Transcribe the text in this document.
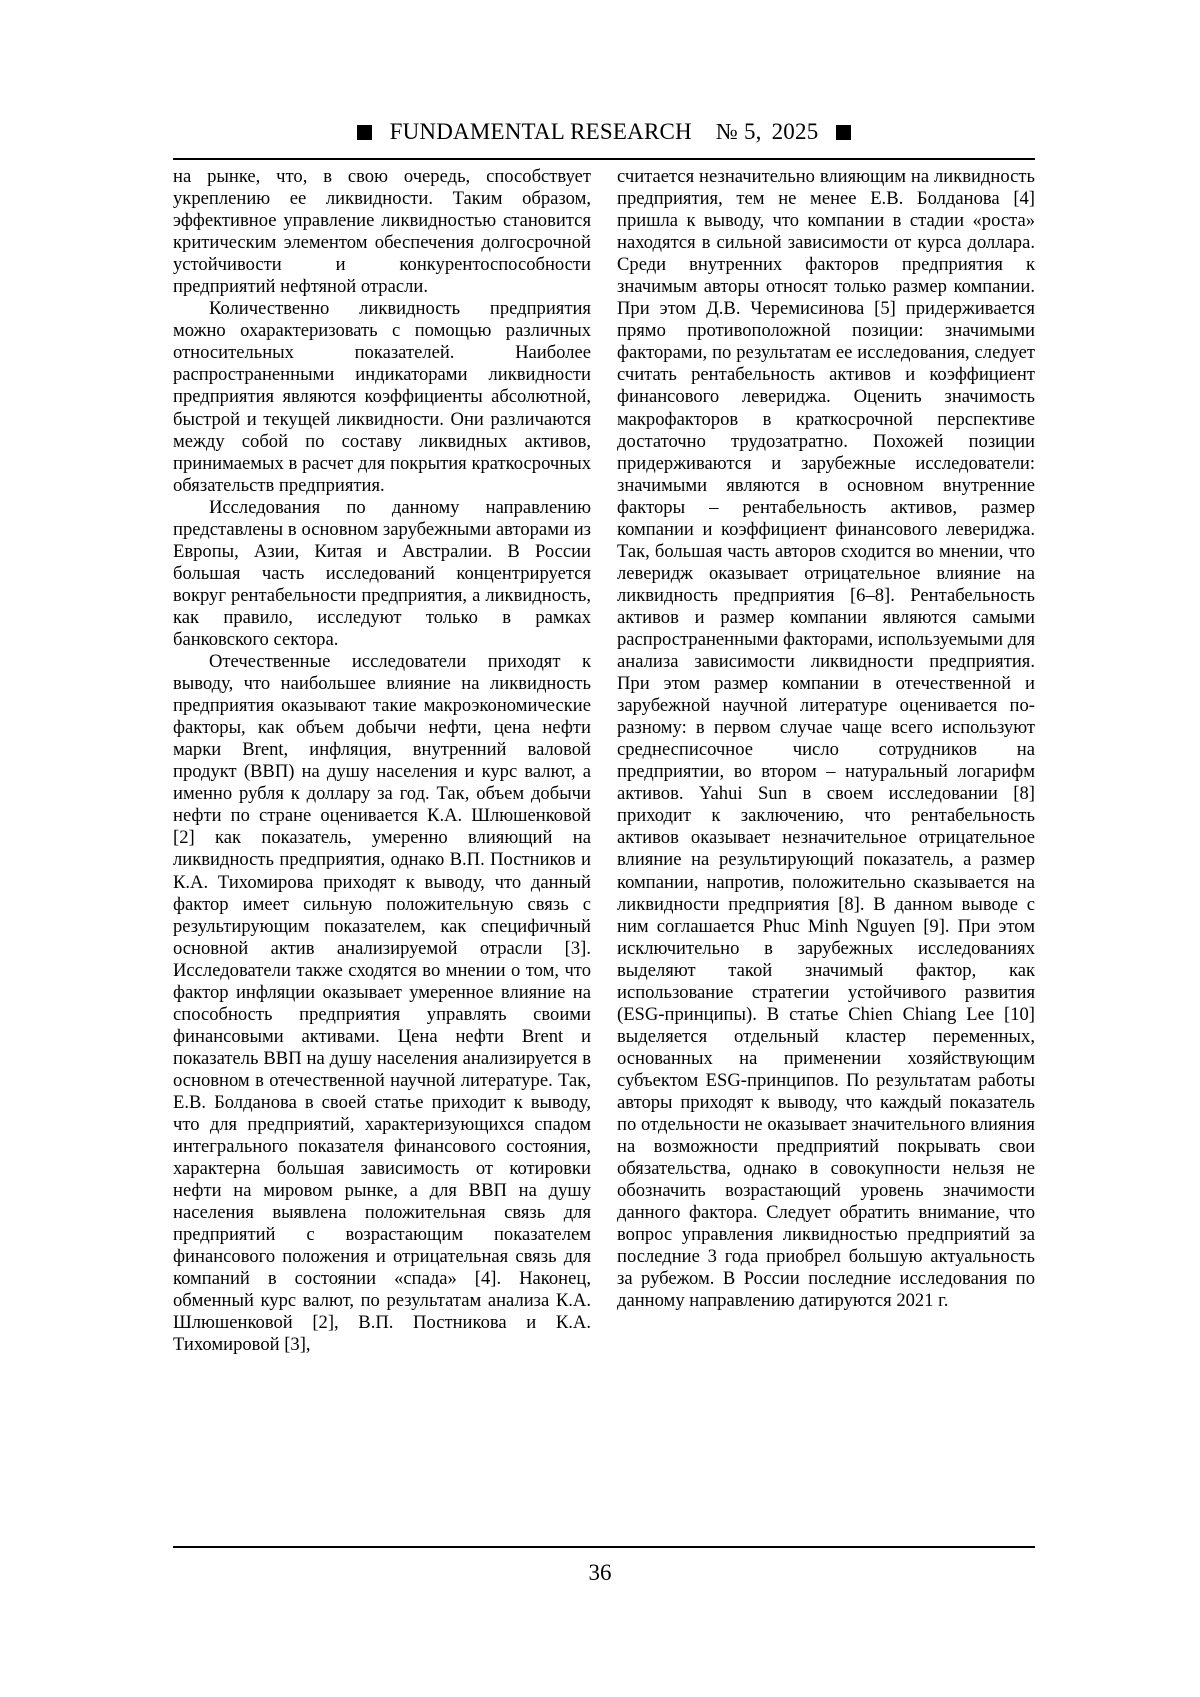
FUNDAMENTAL RESEARCH № 5, 2025

на рынке, что, в свою очередь, способствует укреплению ее ликвидности. Таким образом, эффективное управление ликвидностью становится критическим элементом обеспечения долгосрочной устойчивости и конкурентоспособности предприятий нефтяной отрасли.

Количественно ликвидность предприятия можно охарактеризовать с помощью различных относительных показателей. Наиболее распространенными индикаторами ликвидности предприятия являются коэффициенты абсолютной, быстрой и текущей ликвидности. Они различаются между собой по составу ликвидных активов, принимаемых в расчет для покрытия краткосрочных обязательств предприятия.

Исследования по данному направлению представлены в основном зарубежными авторами из Европы, Азии, Китая и Австралии. В России большая часть исследований концентрируется вокруг рентабельности предприятия, а ликвидность, как правило, исследуют только в рамках банковского сектора.

Отечественные исследователи приходят к выводу, что наибольшее влияние на ликвидность предприятия оказывают такие макроэкономические факторы, как объем добычи нефти, цена нефти марки Brent, инфляция, внутренний валовой продукт (ВВП) на душу населения и курс валют, а именно рубля к доллару за год. Так, объем добычи нефти по стране оценивается К.А. Шлюшенковой [2] как показатель, умеренно влияющий на ликвидность предприятия, однако В.П. Постников и К.А. Тихомирова приходят к выводу, что данный фактор имеет сильную положительную связь с результирующим показателем, как специфичный основной актив анализируемой отрасли [3]. Исследователи также сходятся во мнении о том, что фактор инфляции оказывает умеренное влияние на способность предприятия управлять своими финансовыми активами. Цена нефти Brent и показатель ВВП на душу населения анализируется в основном в отечественной научной литературе. Так, Е.В. Болданова в своей статье приходит к выводу, что для предприятий, характеризующихся спадом интегрального показателя финансового состояния, характерна большая зависимость от котировки нефти на мировом рынке, а для ВВП на душу населения выявлена положительная связь для предприятий с возрастающим показателем финансового положения и отрицательная связь для компаний в состоянии «спада» [4]. Наконец, обменный курс валют, по результатам анализа К.А. Шлюшенковой [2], В.П. Постникова и К.А. Тихомировой [3],

считается незначительно влияющим на ликвидность предприятия, тем не менее Е.В. Болданова [4] пришла к выводу, что компании в стадии «роста» находятся в сильной зависимости от курса доллара. Среди внутренних факторов предприятия к значимым авторы относят только размер компании. При этом Д.В. Черемисинова [5] придерживается прямо противоположной позиции: значимыми факторами, по результатам ее исследования, следует считать рентабельность активов и коэффициент финансового левериджа. Оценить значимость макрофакторов в краткосрочной перспективе достаточно трудозатратно. Похожей позиции придерживаются и зарубежные исследователи: значимыми являются в основном внутренние факторы – рентабельность активов, размер компании и коэффициент финансового левериджа. Так, большая часть авторов сходится во мнении, что леверидж оказывает отрицательное влияние на ликвидность предприятия [6–8]. Рентабельность активов и размер компании являются самыми распространенными факторами, используемыми для анализа зависимости ликвидности предприятия. При этом размер компании в отечественной и зарубежной научной литературе оценивается по-разному: в первом случае чаще всего используют среднесписочное число сотрудников на предприятии, во втором – натуральный логарифм активов. Yahui Sun в своем исследовании [8] приходит к заключению, что рентабельность активов оказывает незначительное отрицательное влияние на результирующий показатель, а размер компании, напротив, положительно сказывается на ликвидности предприятия [8]. В данном выводе с ним соглашается Phuc Minh Nguyen [9]. При этом исключительно в зарубежных исследованиях выделяют такой значимый фактор, как использование стратегии устойчивого развития (ESG-принципы). В статье Chien Chiang Lee [10] выделяется отдельный кластер переменных, основанных на применении хозяйствующим субъектом ESG-принципов. По результатам работы авторы приходят к выводу, что каждый показатель по отдельности не оказывает значительного влияния на возможности предприятий покрывать свои обязательства, однако в совокупности нельзя не обозначить возрастающий уровень значимости данного фактора. Следует обратить внимание, что вопрос управления ликвидностью предприятий за последние 3 года приобрел большую актуальность за рубежом. В России последние исследования по данному направлению датируются 2021 г.

36
